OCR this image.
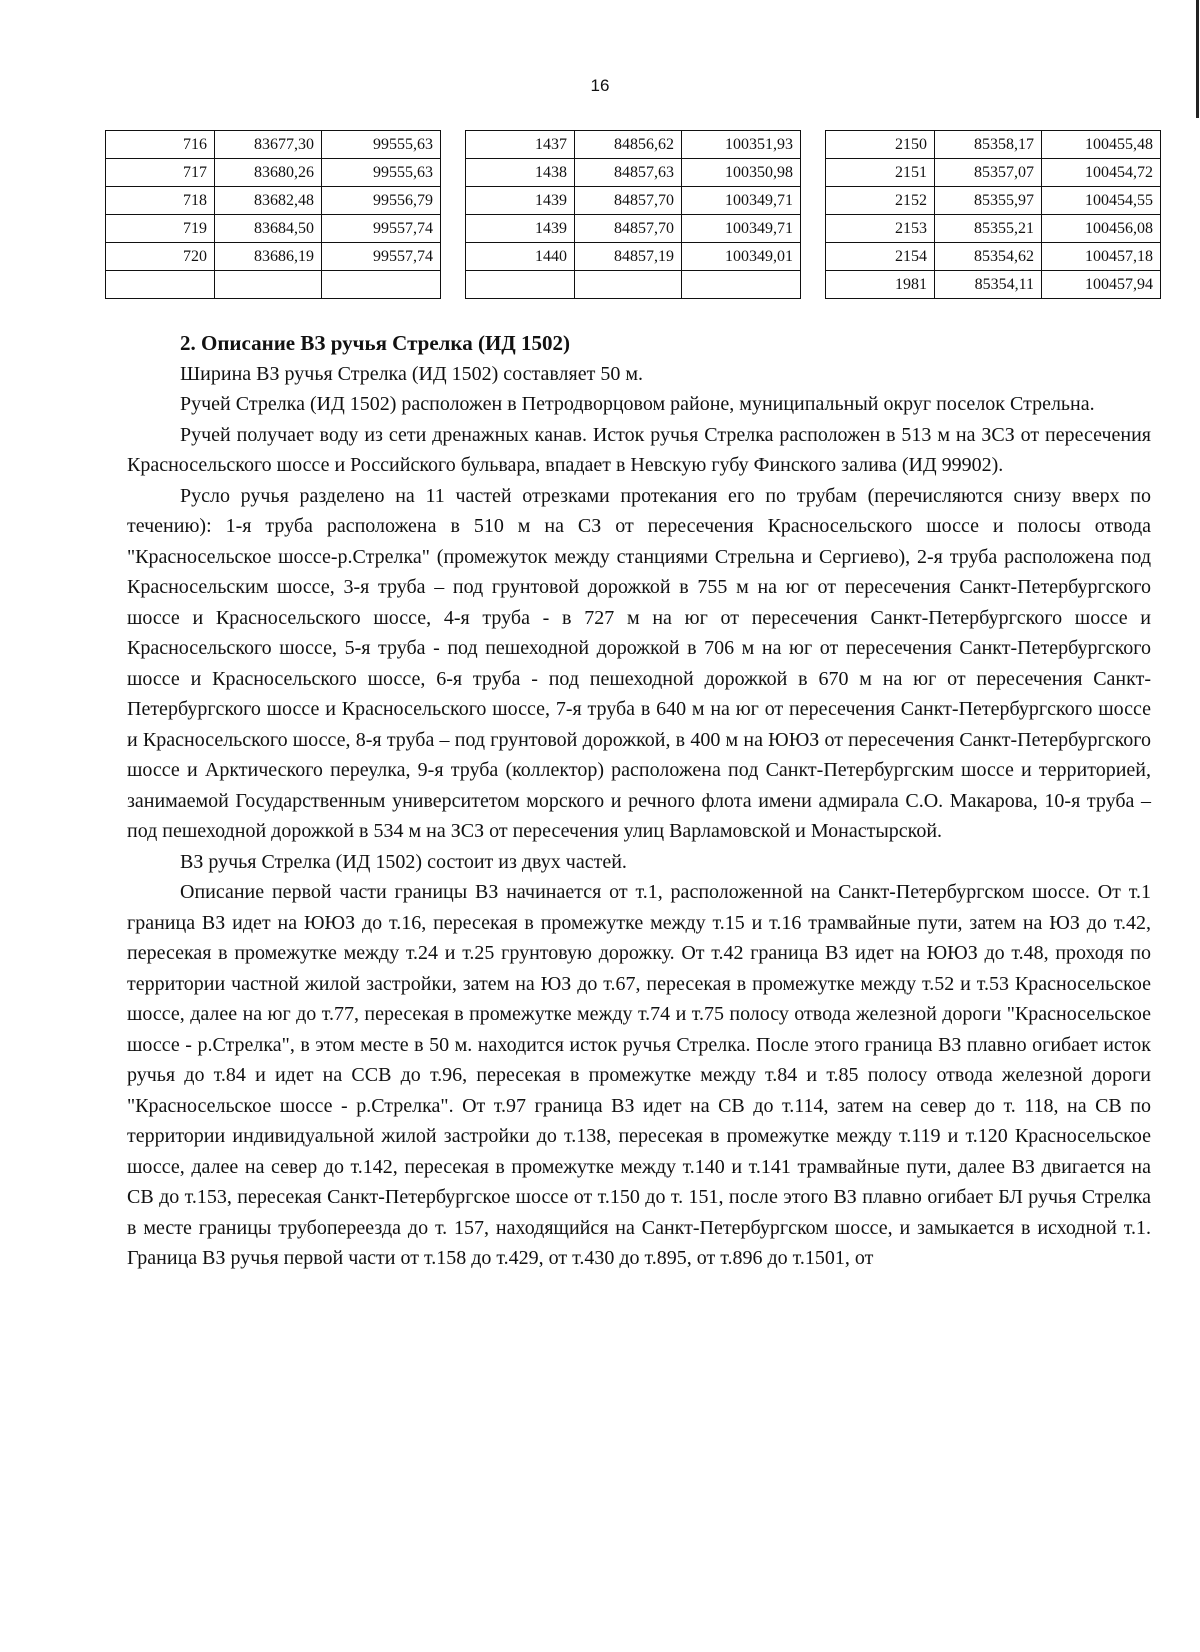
16
716	83677,30	99555,63
717	83680,26	99555,63
718	83682,48	99556,79
719	83684,50	99557,74
720	83686,19	99557,74

1437	84856,62	100351,93
1438	84857,63	100350,98
1439	84857,70	100349,71
1439	84857,70	100349,71
1440	84857,19	100349,01

2150	85358,17	100455,48
2151	85357,07	100454,72
2152	85355,97	100454,55
2153	85355,21	100456,08
2154	85354,62	100457,18
1981	85354,11	100457,94

2. Описание ВЗ ручья Стрелка (ИД 1502)

Ширина ВЗ ручья Стрелка (ИД 1502) составляет 50 м.

Ручей Стрелка (ИД 1502) расположен в Петродворцовом районе, муниципальный округ поселок Стрельна.

Ручей получает воду из сети дренажных канав. Исток ручья Стрелка расположен в 513 м на ЗСЗ от пересечения Красносельского шоссе и Российского бульвара, впадает в Невскую губу Финского залива (ИД 99902).

Русло ручья разделено на 11 частей отрезками протекания его по трубам (перечисляются снизу вверх по течению): 1-я труба расположена в 510 м на СЗ от пересечения Красносельского шоссе и полосы отвода "Красносельское шоссе-р.Стрелка" (промежуток между станциями Стрельна и Сергиево), 2-я труба расположена под Красносельским шоссе, 3-я труба – под грунтовой дорожкой в 755 м на юг от пересечения Санкт-Петербургского шоссе и Красносельского шоссе, 4-я труба - в 727 м на юг от пересечения Санкт-Петербургского шоссе и Красносельского шоссе, 5-я труба - под пешеходной дорожкой в 706 м на юг от пересечения Санкт-Петербургского шоссе и Красносельского шоссе, 6-я труба - под пешеходной дорожкой в 670 м на юг от пересечения Санкт-Петербургского шоссе и Красносельского шоссе, 7-я труба в 640 м на юг от пересечения Санкт-Петербургского шоссе и Красносельского шоссе, 8-я труба – под грунтовой дорожкой, в 400 м на ЮЮЗ от пересечения Санкт-Петербургского шоссе и Арктического переулка, 9-я труба (коллектор) расположена под Санкт-Петербургским шоссе и территорией, занимаемой Государственным университетом морского и речного флота имени адмирала С.О. Макарова, 10-я труба – под пешеходной дорожкой в 534 м на ЗСЗ от пересечения улиц Варламовской и Монастырской.

ВЗ ручья Стрелка (ИД 1502) состоит из двух частей.

Описание первой части границы ВЗ начинается от т.1, расположенной на Санкт-Петербургском шоссе. От т.1 граница ВЗ идет на ЮЮЗ до т.16, пересекая в промежутке между т.15 и т.16 трамвайные пути, затем на ЮЗ до т.42, пересекая в промежутке между т.24 и т.25 грунтовую дорожку. От т.42 граница ВЗ идет на ЮЮЗ до т.48, проходя по территории частной жилой застройки, затем на ЮЗ до т.67, пересекая в промежутке между т.52 и т.53 Красносельское шоссе, далее на юг до т.77, пересекая в промежутке между т.74 и т.75 полосу отвода железной дороги "Красносельское шоссе - р.Стрелка", в этом месте в 50 м. находится исток ручья Стрелка. После этого граница ВЗ плавно огибает исток ручья до т.84 и идет на ССВ до т.96, пересекая в промежутке между т.84 и т.85 полосу отвода железной дороги "Красносельское шоссе - р.Стрелка". От т.97 граница ВЗ идет на СВ до т.114, затем на север до т. 118, на СВ по территории индивидуальной жилой застройки до т.138, пересекая в промежутке между т.119 и т.120 Красносельское шоссе, далее на север до т.142, пересекая в промежутке между т.140 и т.141 трамвайные пути, далее ВЗ двигается на СВ до т.153, пересекая Санкт-Петербургское шоссе от т.150 до т. 151, после этого ВЗ плавно огибает БЛ ручья Стрелка в месте границы трубопереезда до т. 157, находящийся на Санкт-Петербургском шоссе, и замыкается в исходной т.1. Граница ВЗ ручья первой части от т.158 до т.429, от т.430 до т.895, от т.896 до т.1501, от
